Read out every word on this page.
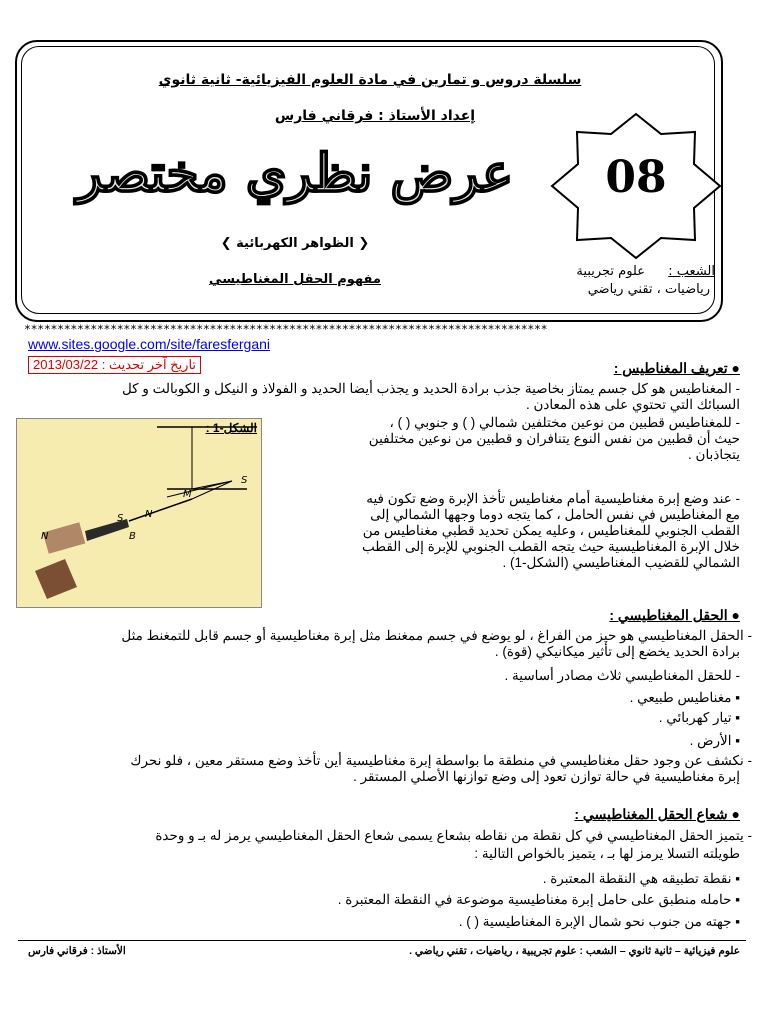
سلسلة دروس و تمارين في مادة العلوم الفيزيائية- ثانية ثانوي
إعداد الأستاذ : فرقاني فارس
عرض نظري مختصر
❮ الظواهر الكهربائية ❯
مفهوم الحقل المغناطيسي
08
الشعب :
علوم تجريبية
رياضيات ، تقني رياضي
*******************************************************************************
www.sites.google.com/site/faresfergani
تاريخ آخر تحديث : 2013/03/22	● تعريف المغناطيس :
- المغناطيس هو كل جسم يمتاز بخاصية جذب برادة الحديد و يجذب أيضا الحديد و الفولاذ و النيكل و الكوبالت و كل
السبائك التي تحتوي على هذه المعادن .
الشكل-1 :
S
N
M
S
N	B
- للمغناطيس قطبين من نوعين مختلفين شمالي ( ) و جنوبي ( ) ،
حيث أن قطبين من نفس النوع يتنافران و قطبين من نوعين مختلفين
يتجاذبان .
- عند وضع إبرة مغناطيسية أمام مغناطيس تأخذ الإبرة وضع تكون فيه
مع المغناطيس في نفس الحامل ، كما يتجه دوما وجهها الشمالي إلى
القطب الجنوبي للمغناطيس ، وعليه يمكن تحديد قطبي مغناطيس من
خلال الإبرة المغناطيسية حيث يتجه القطب الجنوبي للإبرة إلى القطب
الشمالي للقضيب المغناطيسي (الشكل-1) .
● الحقل المغناطيسي :
- الحقل المغناطيسي هو حيز من الفراغ ، لو يوضع في جسم ممغنط مثل إبرة مغناطيسية أو جسم قابل للتمغنط مثل
برادة الحديد يخضع إلى تأثير ميكانيكي (قوة) .
- للحقل المغناطيسي ثلاث مصادر أساسية .
▪ مغناطيس طبيعي .
▪ تيار كهربائي .
▪ الأرض .
- نكشف عن وجود حقل مغناطيسي في منطقة ما بواسطة إبرة مغناطيسية أين تأخذ وضع مستقر معين ، فلو نحرك
إبرة مغناطيسية في حالة توازن تعود إلى وضع توازنها الأصلي المستقر .
● شعاع الحقل المغناطيسي :
- يتميز الحقل المغناطيسي في كل نقطة من نقاطه بشعاع يسمى شعاع الحقل المغناطيسي يرمز له بـ و وحدة
طويلته التسلا يرمز لها بـ ، يتميز بالخواص التالية :
▪ نقطة تطبيقه هي النقطة المعتبرة .
▪ حامله منطبق على حامل إبرة مغناطيسية موضوعة في النقطة المعتبرة .
▪ جهته من جنوب نحو شمال الإبرة المغناطيسية ( ) .
علوم فيزيائية – ثانية ثانوي – الشعب : علوم تجريبية ، رياضيات ، تقني رياضي .
الأستاذ : فرقاني فارس
